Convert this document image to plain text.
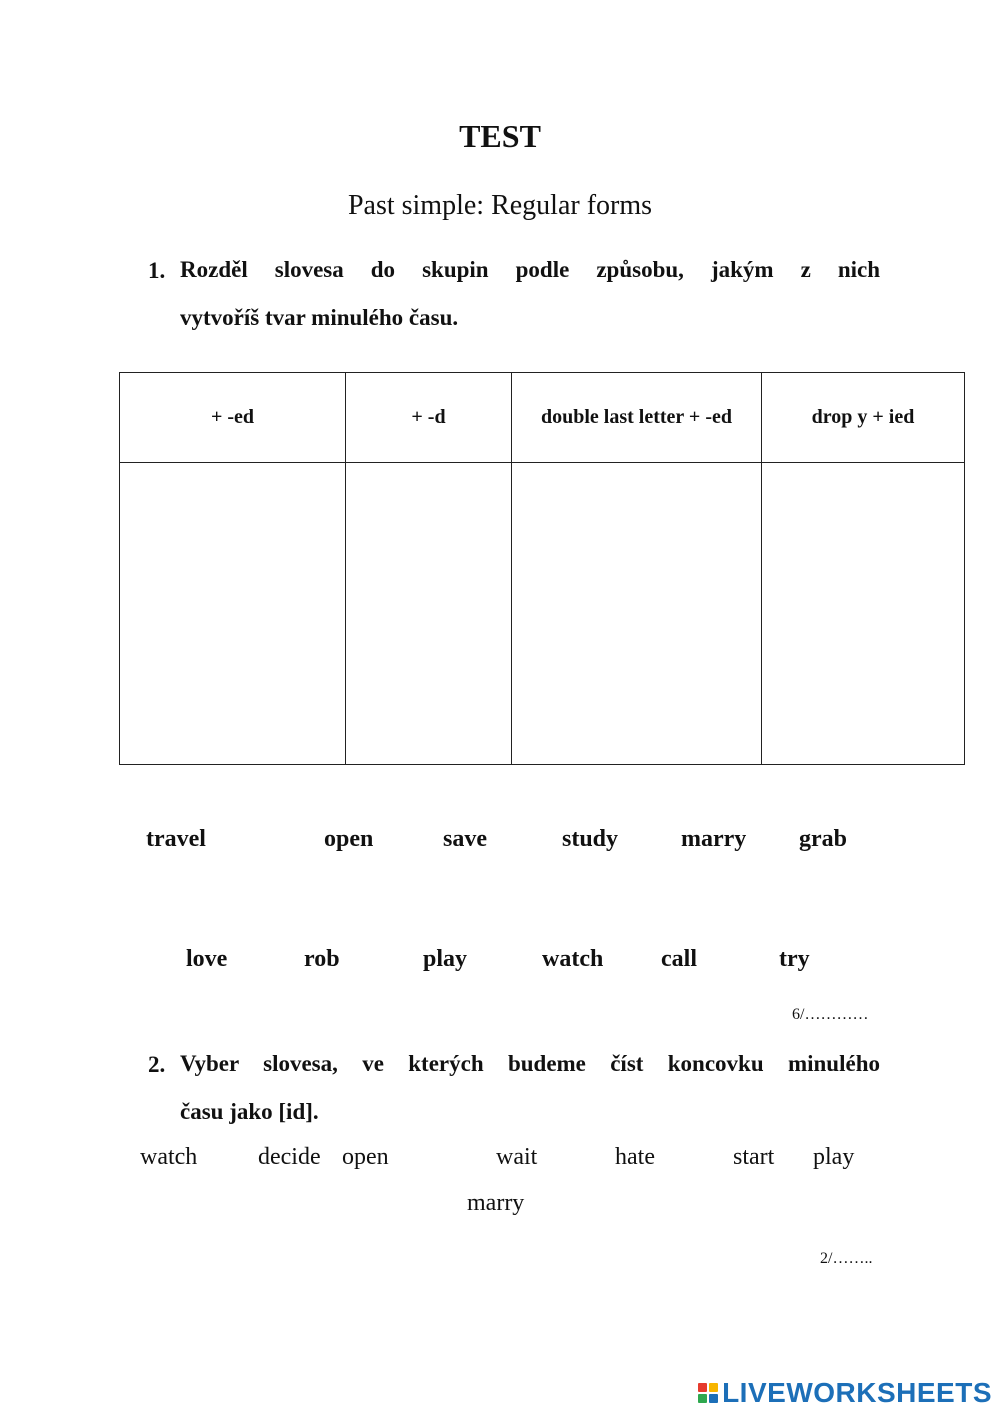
TEST
Past simple: Regular forms
1. Rozděl slovesa do skupin podle způsobu, jakým z nich
vytvoříš tvar minulého času.
+ -ed	+ -d	double last letter + -ed	drop y + ied

travel	open	save	study	marry grab
love	rob	play	watch call	try
6/…………
2. Vyber slovesa, ve kterých budeme číst koncovku minulého
času jako [id].
watch	decide open	wait	hate	start play
marry
2/……..
LIVEWORKSHEETS
